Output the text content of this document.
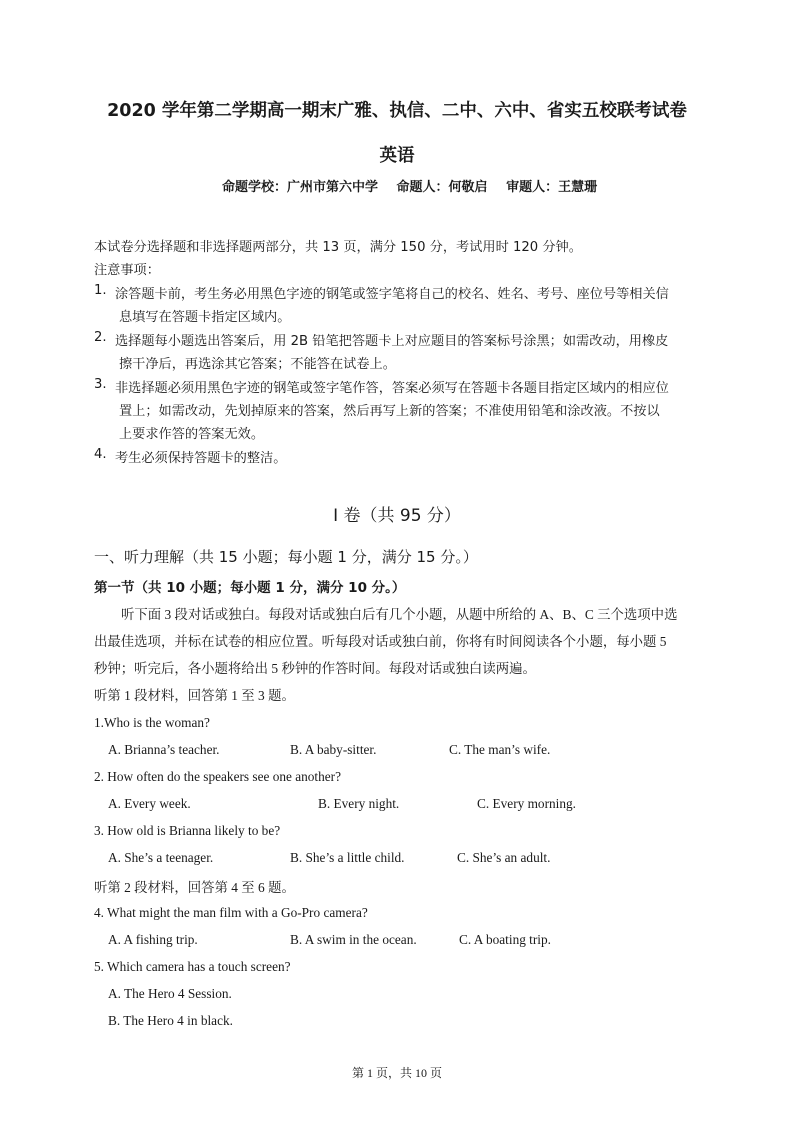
2020 学年第二学期高一期末广雅、执信、二中、六中、省实五校联考试卷
英语
命题学校：广州市第六中学 命题人：何敬启 审题人：王慧珊
本试卷分选择题和非选择题两部分，共 13 页，满分 150 分，考试用时 120 分钟。
注意事项：
1. 涂答题卡前，考生务必用黑色字迹的钢笔或签字笔将自己的校名、姓名、考号、座位号等相关信
息填写在答题卡指定区域内。
2. 选择题每小题选出答案后，用 2B 铅笔把答题卡上对应题目的答案标号涂黑；如需改动，用橡皮
擦干净后，再选涂其它答案；不能答在试卷上。
3. 非选择题必须用黑色字迹的钢笔或签字笔作答，答案必须写在答题卡各题目指定区域内的相应位
置上；如需改动，先划掉原来的答案，然后再写上新的答案；不准使用铅笔和涂改液。不按以
上要求作答的答案无效。
4. 考生必须保持答题卡的整洁。
I 卷（共 95 分）
一、听力理解（共 15 小题；每小题 1 分，满分 15 分。）
第一节（共 10 小题；每小题 1 分，满分 10 分。）
听下面 3 段对话或独白。每段对话或独白后有几个小题，从题中所给的 A、B、C 三个选项中选
出最佳选项，并标在试卷的相应位置。听每段对话或独白前，你将有时间阅读各个小题，每小题 5
秒钟；听完后，各小题将给出 5 秒钟的作答时间。每段对话或独白读两遍。
听第 1 段材料，回答第 1 至 3 题。
1.Who is the woman?
A. Brianna’s teacher.	B. A baby-sitter.	C. The man’s wife.
2. How often do the speakers see one another?
A. Every week.	B. Every night.	C. Every morning.
3. How old is Brianna likely to be?
A. She’s a teenager.	B. She’s a little child.	C. She’s an adult.
听第 2 段材料，回答第 4 至 6 题。
4. What might the man film with a Go-Pro camera?
A. A fishing trip.	B. A swim in the ocean.	C. A boating trip.
5. Which camera has a touch screen?
A. The Hero 4 Session.
B. The Hero 4 in black.
第 1 页，共 10 页
